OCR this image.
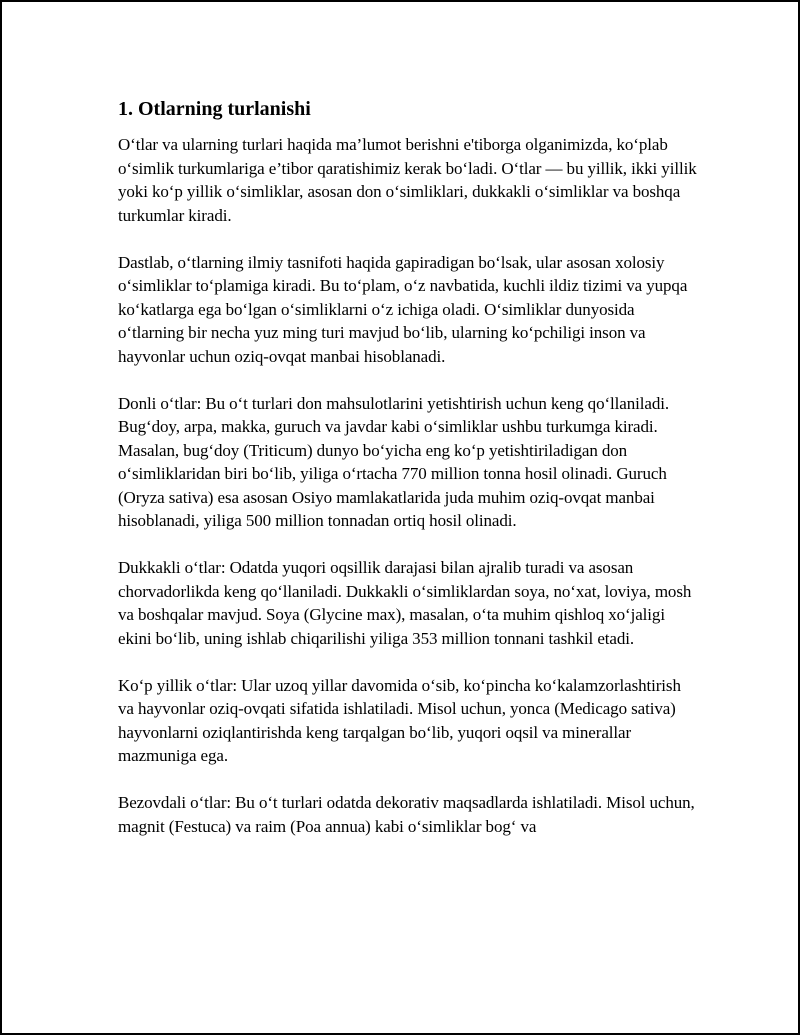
1. Otlarning turlanishi

O‘tlar va ularning turlari haqida ma’lumot berishni e'tiborga olganimizda, ko‘plab o‘simlik turkumlariga e’tibor qaratishimiz kerak bo‘ladi. O‘tlar — bu yillik, ikki yillik yoki ko‘p yillik o‘simliklar, asosan don o‘simliklari, dukkakli o‘simliklar va boshqa turkumlar kiradi.

Dastlab, o‘tlarning ilmiy tasnifoti haqida gapiradigan bo‘lsak, ular asosan xolosiy o‘simliklar to‘plamiga kiradi. Bu to‘plam, o‘z navbatida, kuchli ildiz tizimi va yupqa ko‘katlarga ega bo‘lgan o‘simliklarni o‘z ichiga oladi. O‘simliklar dunyosida o‘tlarning bir necha yuz ming turi mavjud bo‘lib, ularning ko‘pchiligi inson va hayvonlar uchun oziq-ovqat manbai hisoblanadi.

Donli o‘tlar: Bu o‘t turlari don mahsulotlarini yetishtirish uchun keng qo‘llaniladi. Bug‘doy, arpa, makka, guruch va javdar kabi o‘simliklar ushbu turkumga kiradi. Masalan, bug‘doy (Triticum) dunyo bo‘yicha eng ko‘p yetishtiriladigan don o‘simliklaridan biri bo‘lib, yiliga o‘rtacha 770 million tonna hosil olinadi. Guruch (Oryza sativa) esa asosan Osiyo mamlakatlarida juda muhim oziq-ovqat manbai hisoblanadi, yiliga 500 million tonnadan ortiq hosil olinadi.

Dukkakli o‘tlar: Odatda yuqori oqsillik darajasi bilan ajralib turadi va asosan chorvadorlikda keng qo‘llaniladi. Dukkakli o‘simliklardan soya, no‘xat, loviya, mosh va boshqalar mavjud. Soya (Glycine max), masalan, o‘ta muhim qishloq xo‘jaligi ekini bo‘lib, uning ishlab chiqarilishi yiliga 353 million tonnani tashkil etadi.

Ko‘p yillik o‘tlar: Ular uzoq yillar davomida o‘sib, ko‘pincha ko‘kalamzorlashtirish va hayvonlar oziq-ovqati sifatida ishlatiladi. Misol uchun, yonca (Medicago sativa) hayvonlarni oziqlantirishda keng tarqalgan bo‘lib, yuqori oqsil va minerallar mazmuniga ega.

Bezovdali o‘tlar: Bu o‘t turlari odatda dekorativ maqsadlarda ishlatiladi. Misol uchun, magnit (Festuca) va raim (Poa annua) kabi o‘simliklar bog‘ va
